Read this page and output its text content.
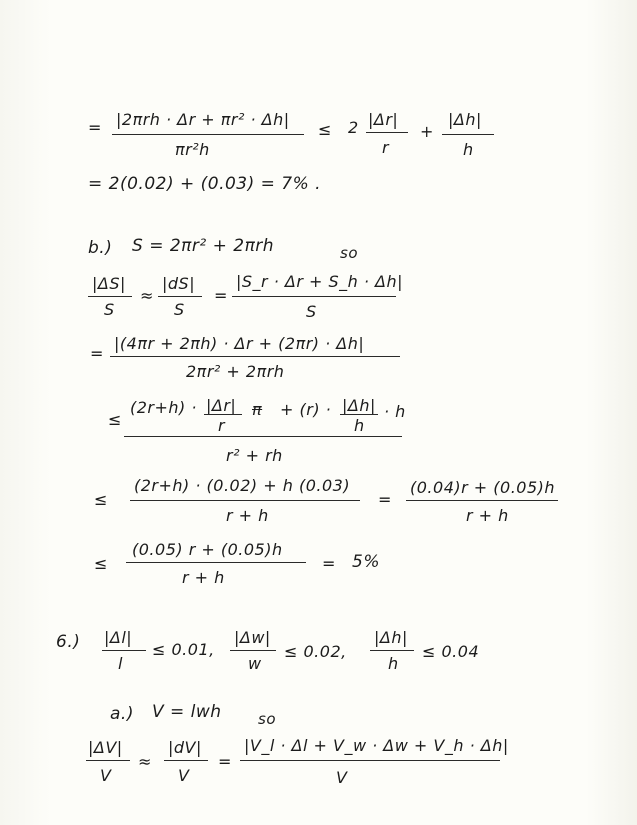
= |2πrh · Δr + πr² · Δh|
πr²h
≤ 2 |Δr|
r
+
|Δh|
h
= 2(0.02) + (0.03) = 7% .
b.) S = 2πr² + 2πrh	so
|ΔS|
S
≈
|dS|
S
=
|S_r · Δr + S_h · Δh|
S
=
|(4πr + 2πh) · Δr + (2πr) · Δh|
2πr² + 2πrh
≤
(2r+h) · |Δr|
r
π + (r) · |Δh|
h
· h
r² + rh
≤
(2r+h) · (0.02) + h (0.03)
r + h
=
(0.04)r + (0.05)h
r + h
≤
(0.05) r + (0.05)h
r + h
= 5%
6.) |Δl|
l
≤ 0.01,
|Δw|
w
≤ 0.02,
|Δh|
h
≤ 0.04
a.) V = lwh so
|ΔV|
V
≈
|dV|
V
=
|V_l · Δl + V_w · Δw + V_h · Δh|
V
